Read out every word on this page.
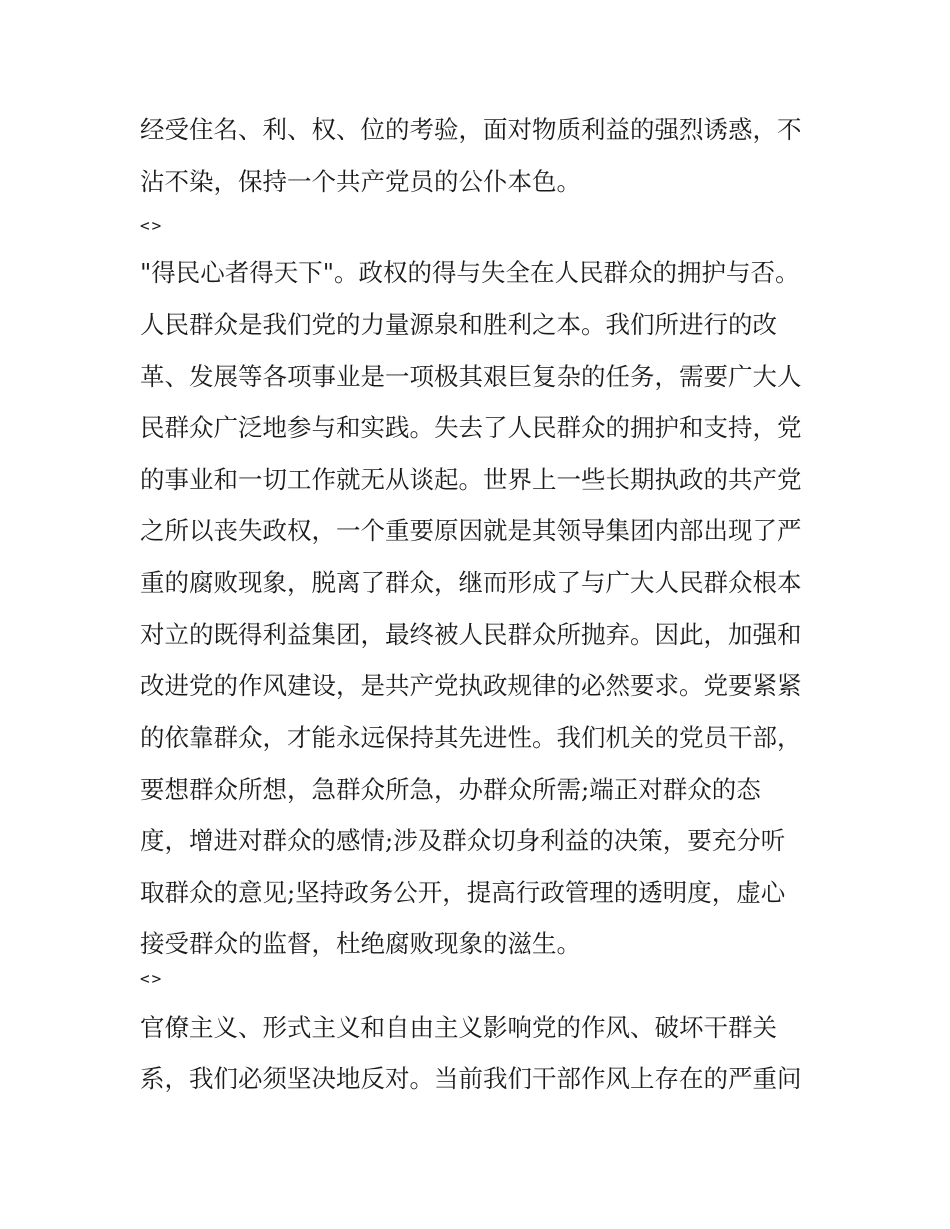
经受住名、利、权、位的考验，面对物质利益的强烈诱惑，不
沾不染，保持一个共产党员的公仆本色。
<>
"得民心者得天下"。政权的得与失全在人民群众的拥护与否。
人民群众是我们党的力量源泉和胜利之本。我们所进行的改
革、发展等各项事业是一项极其艰巨复杂的任务，需要广大人
民群众广泛地参与和实践。失去了人民群众的拥护和支持，党
的事业和一切工作就无从谈起。世界上一些长期执政的共产党
之所以丧失政权，一个重要原因就是其领导集团内部出现了严
重的腐败现象，脱离了群众，继而形成了与广大人民群众根本
对立的既得利益集团，最终被人民群众所抛弃。因此，加强和
改进党的作风建设，是共产党执政规律的必然要求。党要紧紧
的依靠群众，才能永远保持其先进性。我们机关的党员干部，
要想群众所想，急群众所急，办群众所需;端正对群众的态
度，增进对群众的感情;涉及群众切身利益的决策，要充分听
取群众的意见;坚持政务公开，提高行政管理的透明度，虚心
接受群众的监督，杜绝腐败现象的滋生。
<>
官僚主义、形式主义和自由主义影响党的作风、破坏干群关
系，我们必须坚决地反对。当前我们干部作风上存在的严重问
